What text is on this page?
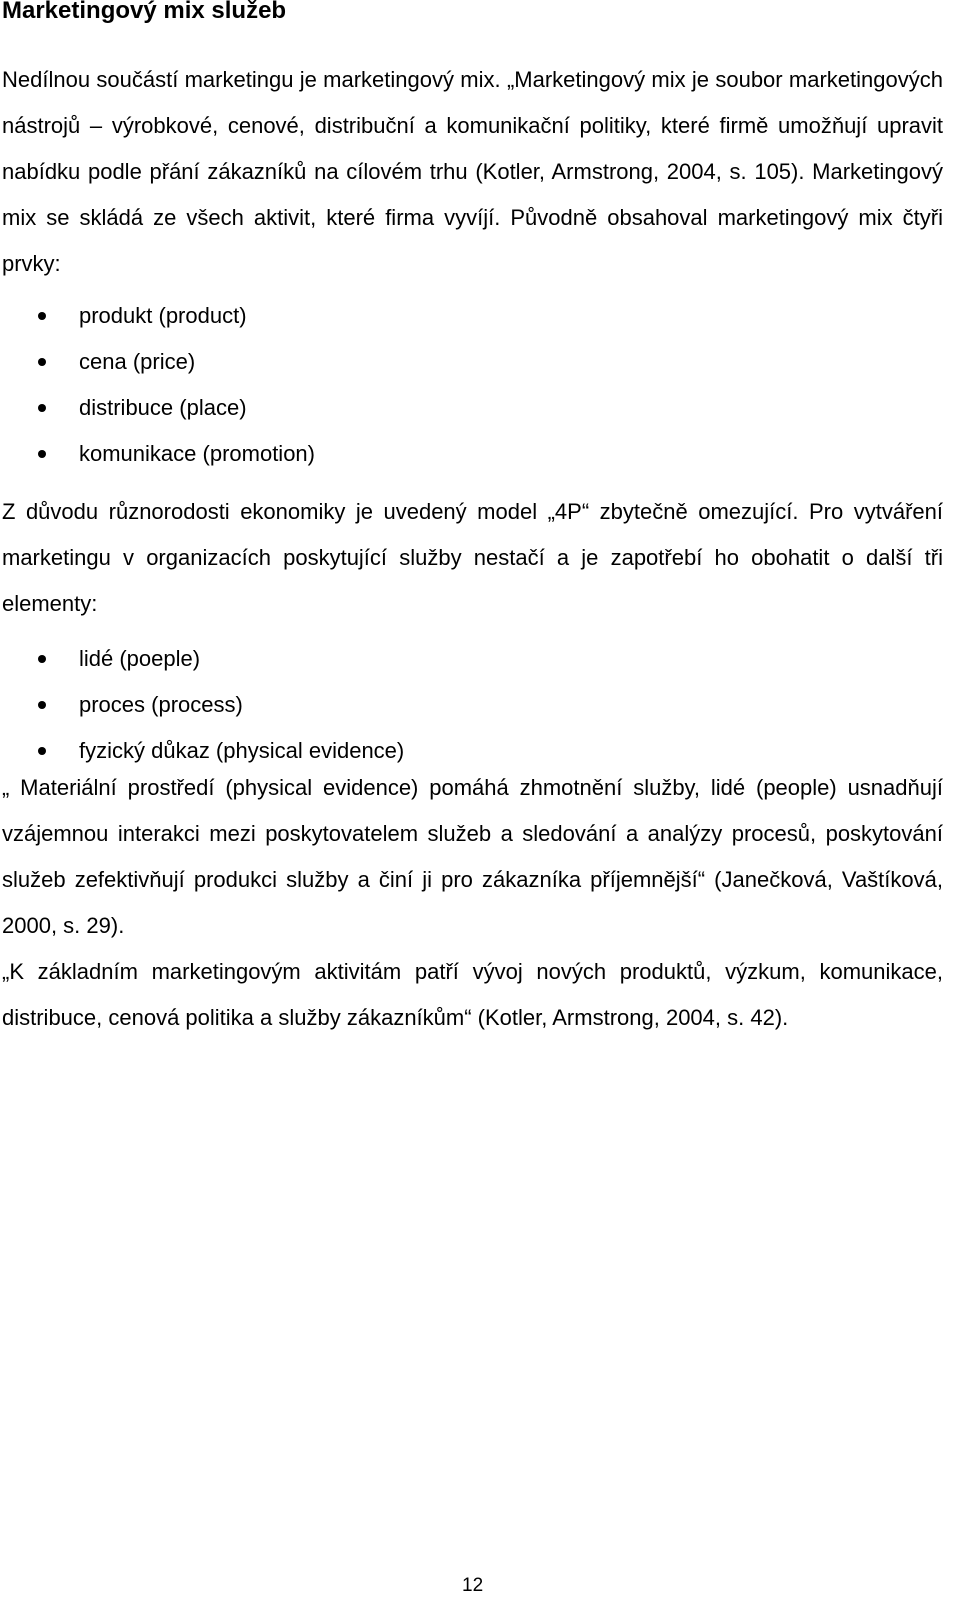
Marketingový mix služeb

Nedílnou součástí marketingu je marketingový mix. „Marketingový mix je soubor marketingových nástrojů – výrobkové, cenové, distribuční a komunikační politiky, které firmě umožňují upravit nabídku podle přání zákazníků na cílovém trhu (Kotler, Armstrong, 2004, s. 105). Marketingový mix se skládá ze všech aktivit, které firma vyvíjí. Původně obsahoval marketingový mix čtyři prvky:

produkt (product)
cena (price)
distribuce (place)
komunikace (promotion)

Z důvodu různorodosti ekonomiky je uvedený model „4P“ zbytečně omezující. Pro vytváření marketingu v organizacích poskytující služby nestačí a je zapotřebí ho obohatit o další tři elementy:

lidé (poeple)
proces (process)
fyzický důkaz (physical evidence)

„ Materiální prostředí (physical evidence) pomáhá zhmotnění služby, lidé (people) usnadňují vzájemnou interakci mezi poskytovatelem služeb a sledování a analýzy procesů, poskytování služeb zefektivňují produkci služby a činí ji pro zákazníka příjemnější“ (Janečková, Vaštíková, 2000, s. 29).

„K základním marketingovým aktivitám patří vývoj nových produktů, výzkum, komunikace, distribuce, cenová politika a služby zákazníkům“ (Kotler, Armstrong, 2004, s. 42).

12
